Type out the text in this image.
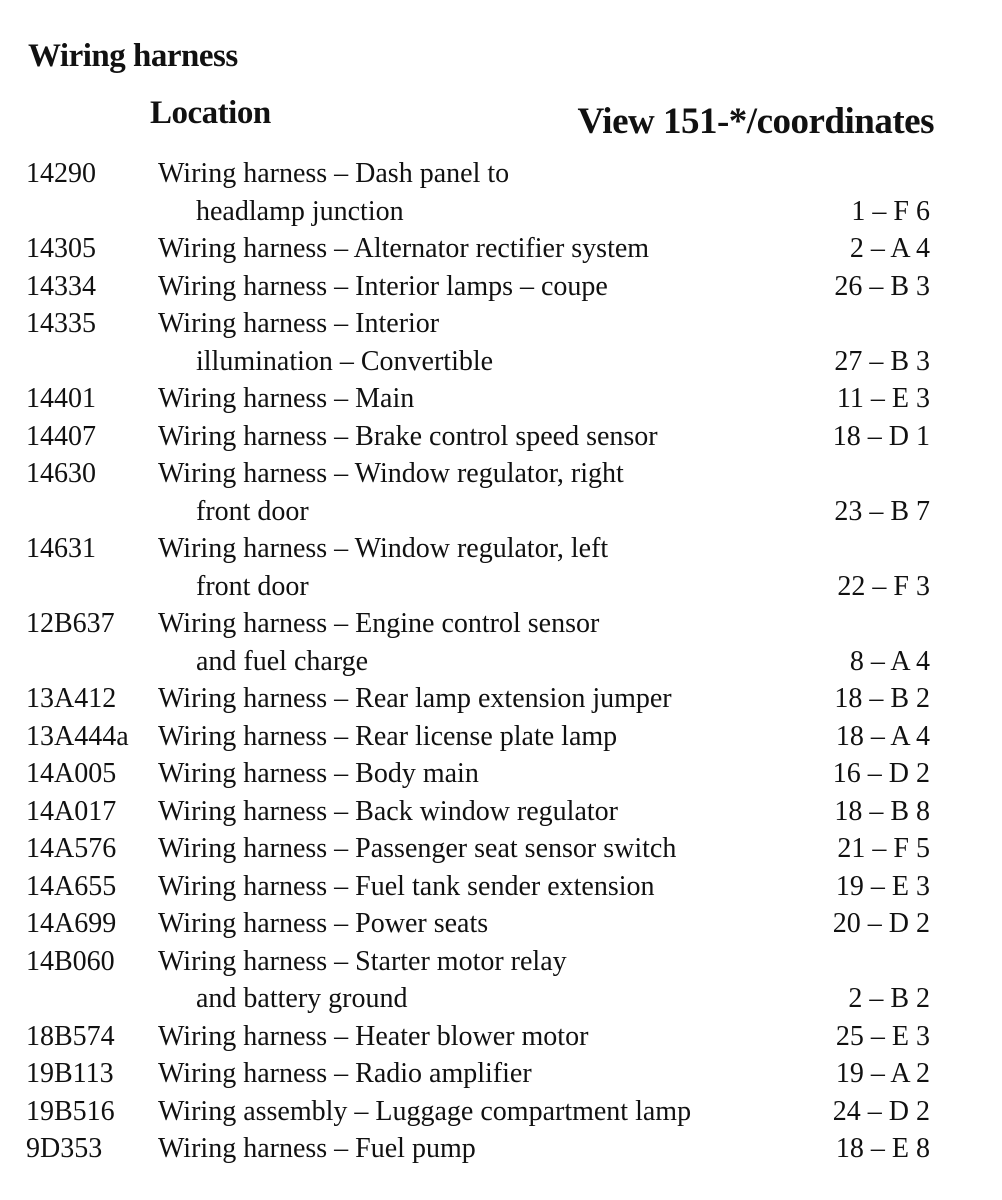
Wiring harness
Location	View 151-*/coordinates
14290 Wiring harness – Dash panel to
headlamp junction	1 – F 6
14305 Wiring harness – Alternator rectifier system	2 – A 4
14334 Wiring harness – Interior lamps – coupe	26 – B 3
14335 Wiring harness – Interior
illumination – Convertible	27 – B 3
14401 Wiring harness – Main	11 – E 3
14407 Wiring harness – Brake control speed sensor	18 – D 1
14630 Wiring harness – Window regulator, right
front door	23 – B 7
14631 Wiring harness – Window regulator, left
front door	22 – F 3
12B637 Wiring harness – Engine control sensor
and fuel charge	8 – A 4
13A412 Wiring harness – Rear lamp extension jumper	18 – B 2
13A444a Wiring harness – Rear license plate lamp	18 – A 4
14A005 Wiring harness – Body main	16 – D 2
14A017 Wiring harness – Back window regulator	18 – B 8
14A576 Wiring harness – Passenger seat sensor switch	21 – F 5
14A655 Wiring harness – Fuel tank sender extension	19 – E 3
14A699 Wiring harness – Power seats	20 – D 2
14B060 Wiring harness – Starter motor relay
and battery ground	2 – B 2
18B574 Wiring harness – Heater blower motor	25 – E 3
19B113 Wiring harness – Radio amplifier	19 – A 2
19B516 Wiring assembly – Luggage compartment lamp	24 – D 2
9D353 Wiring harness – Fuel pump	18 – E 8
